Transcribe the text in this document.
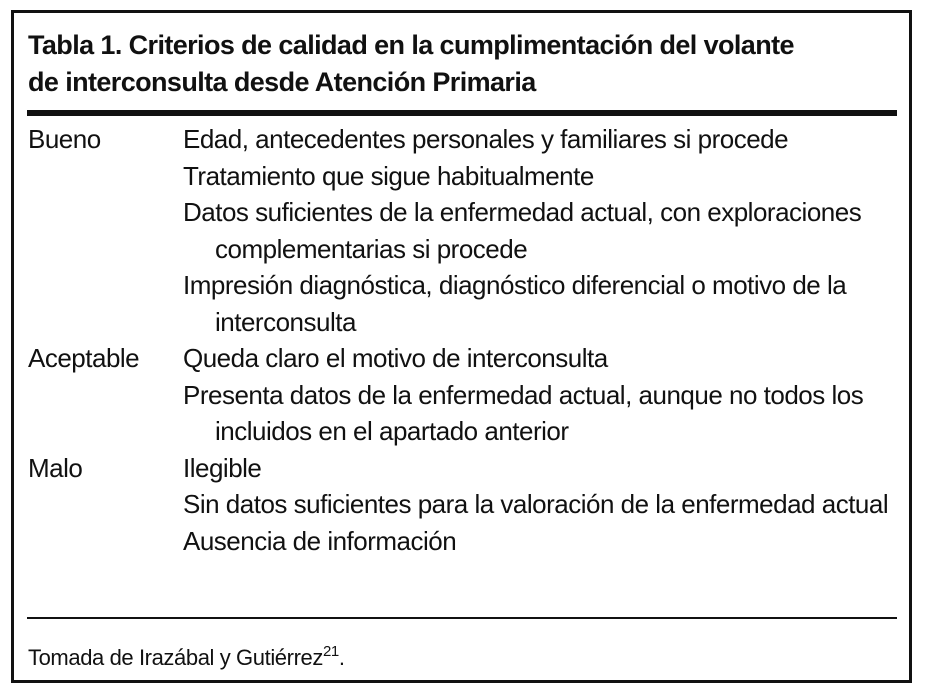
Tabla 1. Criterios de calidad en la cumplimentación del volante
de interconsulta desde Atención Primaria
Bueno	Edad, antecedentes personales y familiares si procede
Tratamiento que sigue habitualmente
Datos suficientes de la enfermedad actual, con exploraciones complementarias si procede
Impresión diagnóstica, diagnóstico diferencial o motivo de la interconsulta
Aceptable	Queda claro el motivo de interconsulta
Presenta datos de la enfermedad actual, aunque no todos los incluidos en el apartado anterior
Malo	Ilegible
Sin datos suficientes para la valoración de la enfermedad actual
Ausencia de información
Tomada de Irazábal y Gutiérrez$^{21}$.
